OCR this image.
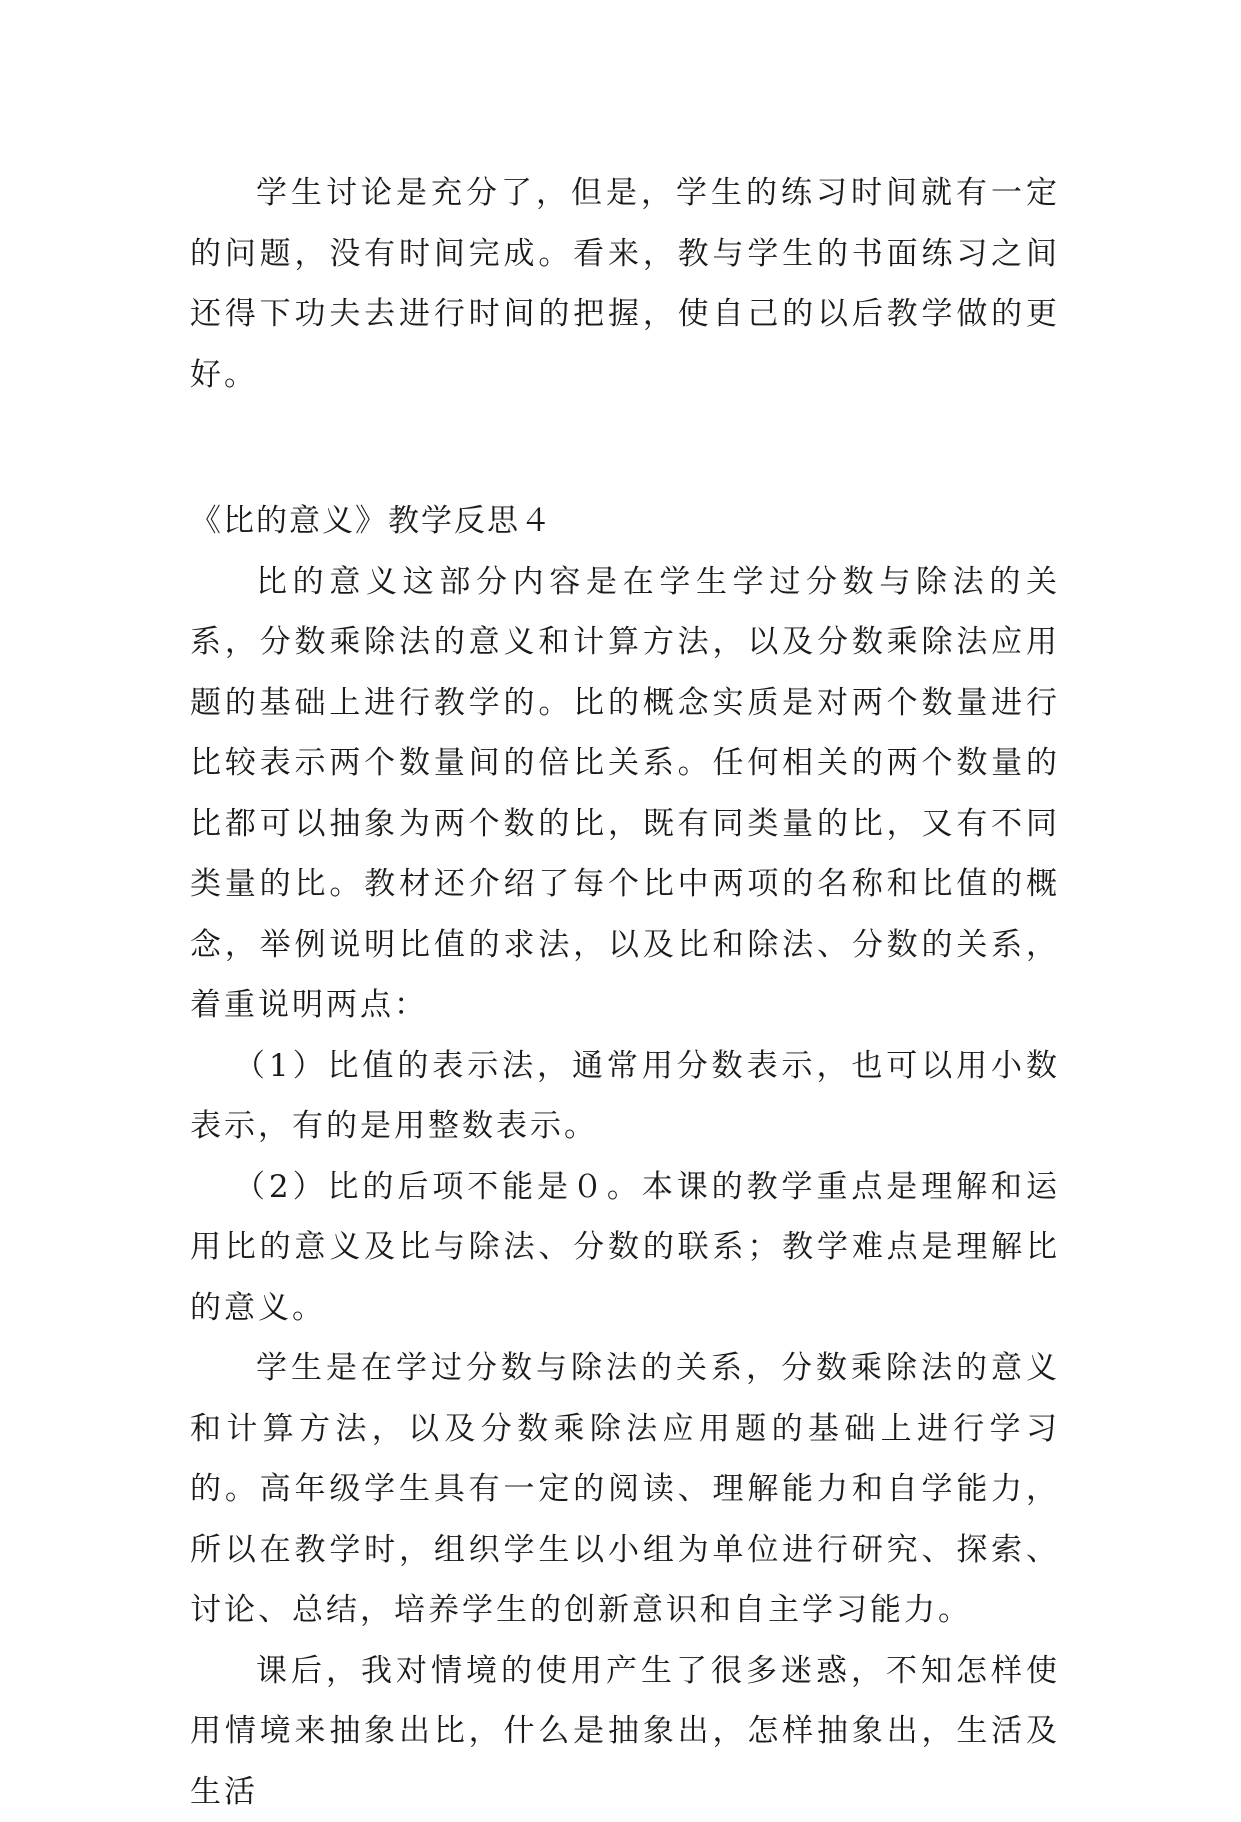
学生讨论是充分了，但是，学生的练习时间就有一定的问题，没有时间完成。看来，教与学生的书面练习之间还得下功夫去进行时间的把握，使自己的以后教学做的更好。

《比的意义》教学反思４

比的意义这部分内容是在学生学过分数与除法的关系，分数乘除法的意义和计算方法，以及分数乘除法应用题的基础上进行教学的。比的概念实质是对两个数量进行比较表示两个数量间的倍比关系。任何相关的两个数量的比都可以抽象为两个数的比，既有同类量的比，又有不同类量的比。教材还介绍了每个比中两项的名称和比值的概念，举例说明比值的求法，以及比和除法、分数的关系，着重说明两点：

（1）比值的表示法，通常用分数表示，也可以用小数表示，有的是用整数表示。

（2）比的后项不能是０。本课的教学重点是理解和运用比的意义及比与除法、分数的联系；教学难点是理解比的意义。

学生是在学过分数与除法的关系，分数乘除法的意义和计算方法，以及分数乘除法应用题的基础上进行学习的。高年级学生具有一定的阅读、理解能力和自学能力，所以在教学时，组织学生以小组为单位进行研究、探索、讨论、总结，培养学生的创新意识和自主学习能力。

课后，我对情境的使用产生了很多迷惑，不知怎样使用情境来抽象出比，什么是抽象出，怎样抽象出，生活及生活
